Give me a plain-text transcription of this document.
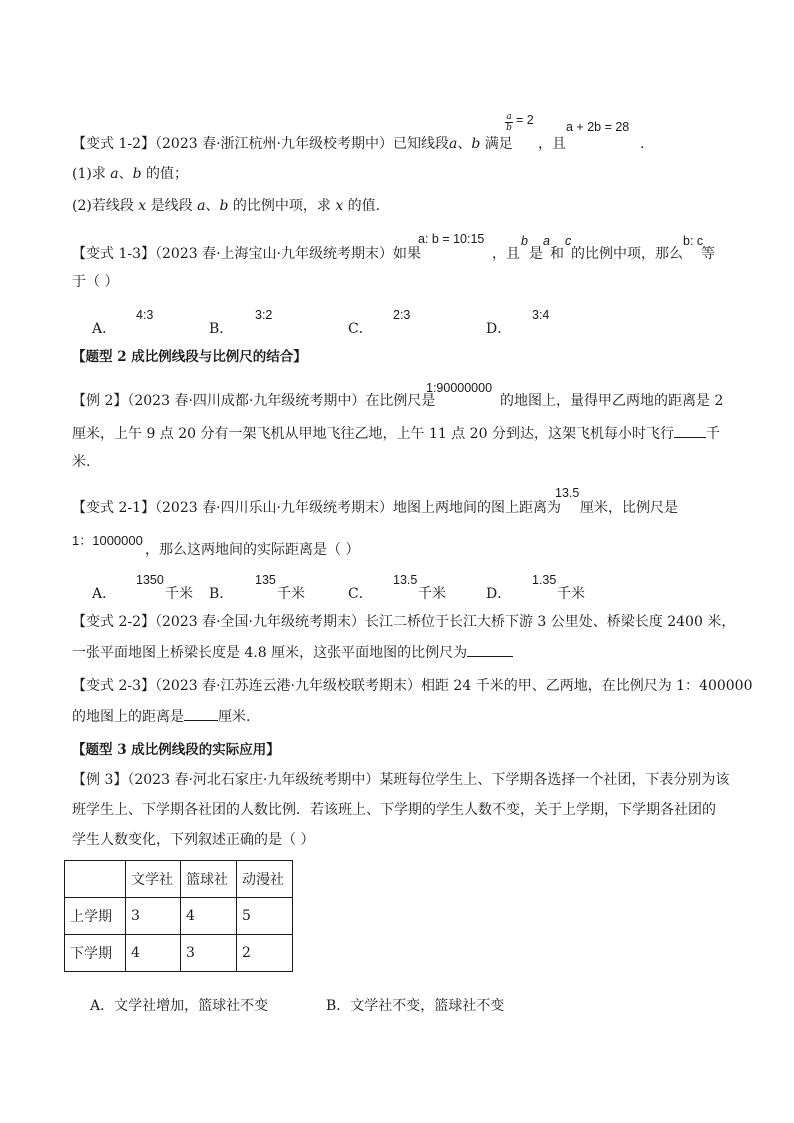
【变式 1-2】（2023 春·浙江杭州·九年级校考期中）已知线段a、b 满足
a
b
= 2
，且
a + 2b = 28
.
(1)求 a、b 的值；
(2)若线段 x 是线段 a、b 的比例中项，求 x 的值.
【变式 1-3】（2023 春·上海宝山·九年级统考期末）如果
a: b = 10:15
，且
b
是
a
和
c
的比例中项，那么
b: c
等
于（ ）
A．
4:3
B．
3:2
C．
2:3
D．
3:4
【题型 2 成比例线段与比例尺的结合】
【例 2】（2023 春·四川成都·九年级统考期中）在比例尺是
1:90000000
的地图上，量得甲乙两地的距离是 2
厘米，上午 9 点 20 分有一架飞机从甲地飞往乙地，上午 11 点 20 分到达，这架飞机每小时飞行 千
米.
【变式 2-1】（2023 春·四川乐山·九年级统考期末）地图上两地间的图上距离为
13.5
厘米，比例尺是
1：1000000
，那么这两地间的实际距离是（ ）
A．
1350
千米 B．
135
千米	C．
13.5
千米	D．
1.35
千米
【变式 2-2】（2023 春·全国·九年级统考期末）长江二桥位于长江大桥下游 3 公里处、桥梁长度 2400 米，
一张平面地图上桥梁长度是 4.8 厘米，这张平面地图的比例尺为
【变式 2-3】（2023 春·江苏连云港·九年级校联考期末）相距 24 千米的甲、乙两地，在比例尺为 1：400000
的地图上的距离是 厘米.
【题型 3 成比例线段的实际应用】
【例 3】（2023 春·河北石家庄·九年级统考期中）某班每位学生上、下学期各选择一个社团，下表分别为该
班学生上、下学期各社团的人数比例．若该班上、下学期的学生人数不变，关于上学期，下学期各社团的
学生人数变化，下列叙述正确的是（ ）
	文学社	篮球社	动漫社
上学期	3	4	5
下学期	4	3	2
A．文学社增加，篮球社不变	B．文学社不变，篮球社不变
